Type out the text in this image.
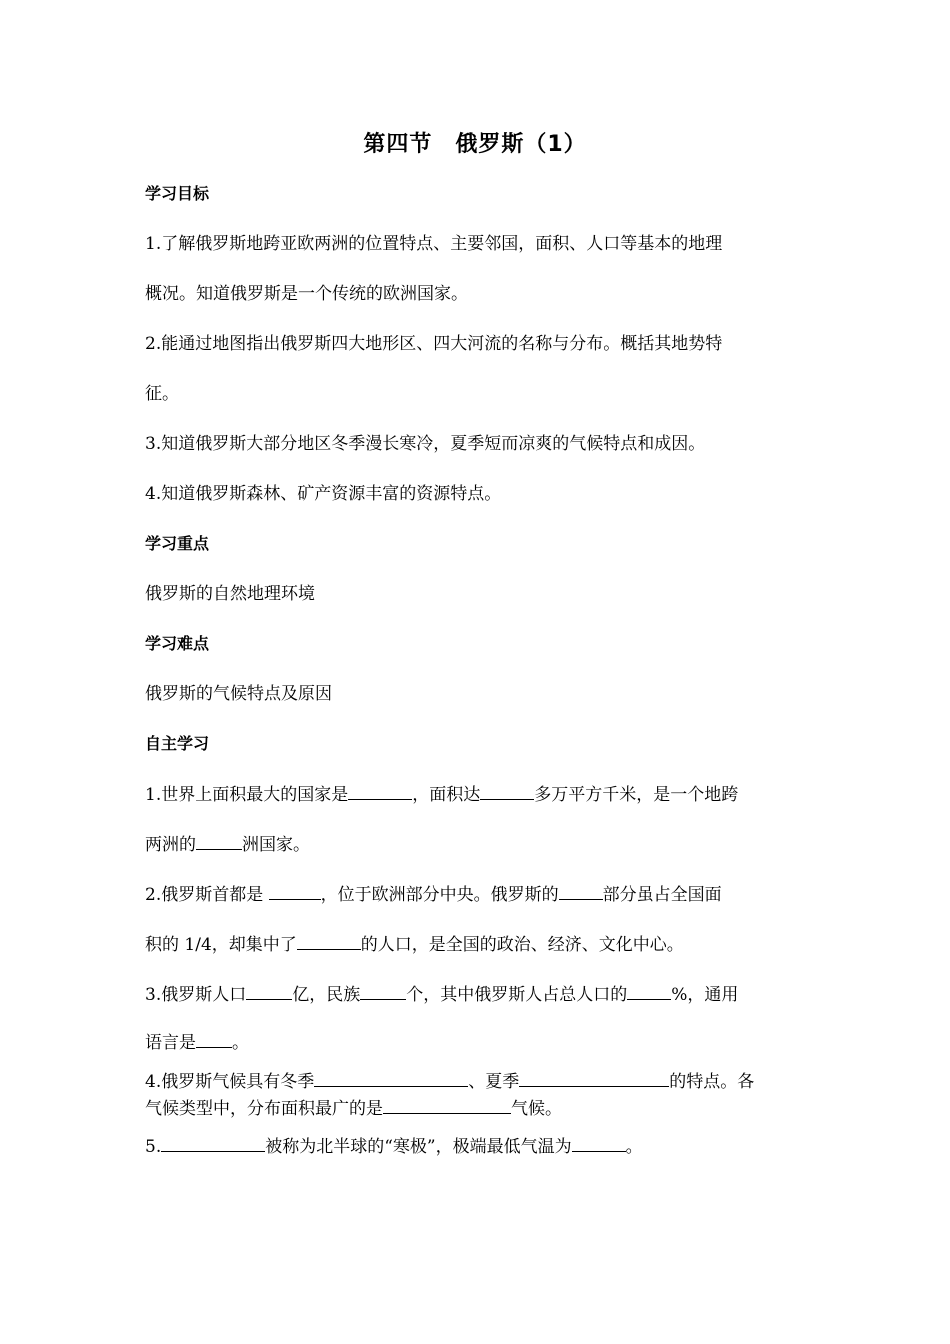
第四节　俄罗斯（1）
学习目标
1.了解俄罗斯地跨亚欧两洲的位置特点、主要邻国，面积、人口等基本的地理
概况。知道俄罗斯是一个传统的欧洲国家。
2.能通过地图指出俄罗斯四大地形区、四大河流的名称与分布。概括其地势特
征。
3.知道俄罗斯大部分地区冬季漫长寒冷，夏季短而凉爽的气候特点和成因。
4.知道俄罗斯森林、矿产资源丰富的资源特点。
学习重点
俄罗斯的自然地理环境
学习难点
俄罗斯的气候特点及原因
自主学习
1.世界上面积最大的国家是	，面积达	多万平方千米，是一个地跨
两洲的	洲国家。
2.俄罗斯首都是	，位于欧洲部分中央。俄罗斯的	部分虽占全国面
积的 1/4，却集中了	的人口，是全国的政治、经济、文化中心。
3.俄罗斯人口	亿，民族	个，其中俄罗斯人占总人口的	%，通用
语言是 。
4.俄罗斯气候具有冬季	、夏季	的特点。各
气候类型中，分布面积最广的是	气候。
5.	被称为北半球的“寒极”，极端最低气温为	。
